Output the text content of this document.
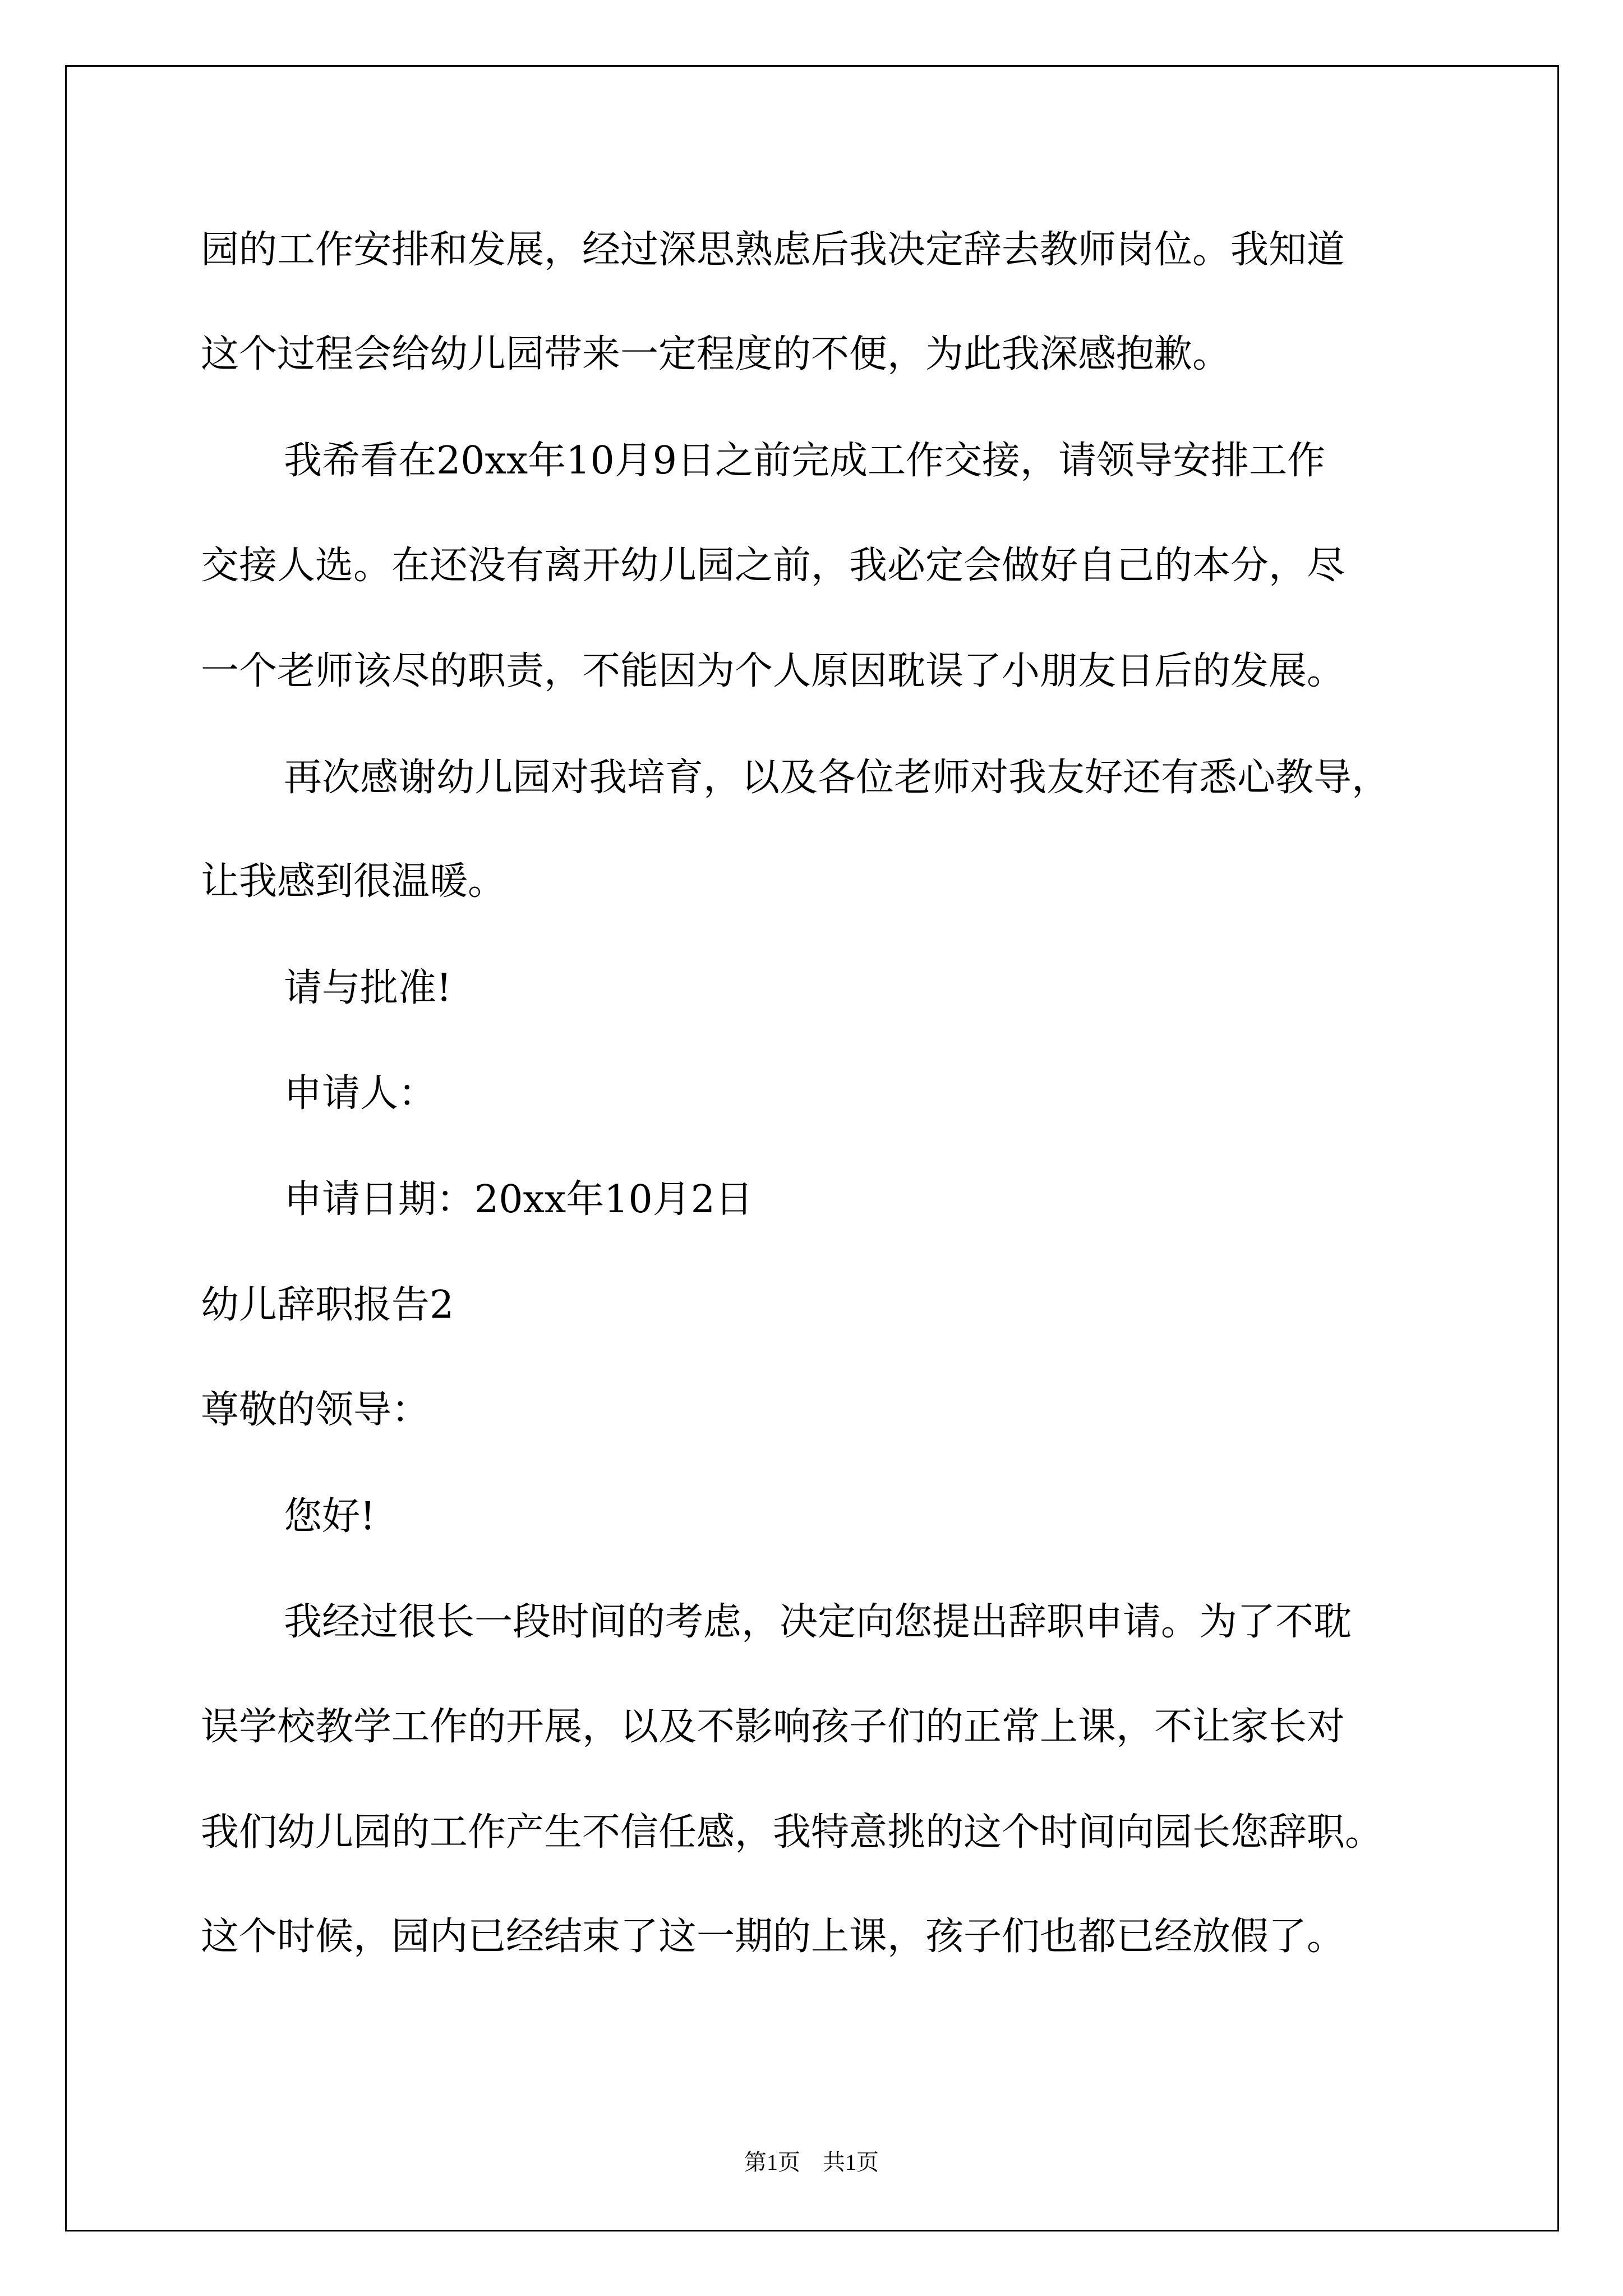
园的工作安排和发展，经过深思熟虑后我决定辞去教师岗位。我知道

这个过程会给幼儿园带来一定程度的不便，为此我深感抱歉。

我希看在20xx年10月9日之前完成工作交接，请领导安排工作

交接人选。在还没有离开幼儿园之前，我必定会做好自己的本分，尽

一个老师该尽的职责，不能因为个人原因耽误了小朋友日后的发展。

再次感谢幼儿园对我培育，以及各位老师对我友好还有悉心教导，

让我感到很温暖。

请与批准!

申请人：

申请日期：20xx年10月2日

幼儿辞职报告2

尊敬的领导：

您好!

我经过很长一段时间的考虑，决定向您提出辞职申请。为了不耽

误学校教学工作的开展，以及不影响孩子们的正常上课，不让家长对

我们幼儿园的工作产生不信任感，我特意挑的这个时间向园长您辞职。

这个时候，园内已经结束了这一期的上课，孩子们也都已经放假了。

第1页 共1页
